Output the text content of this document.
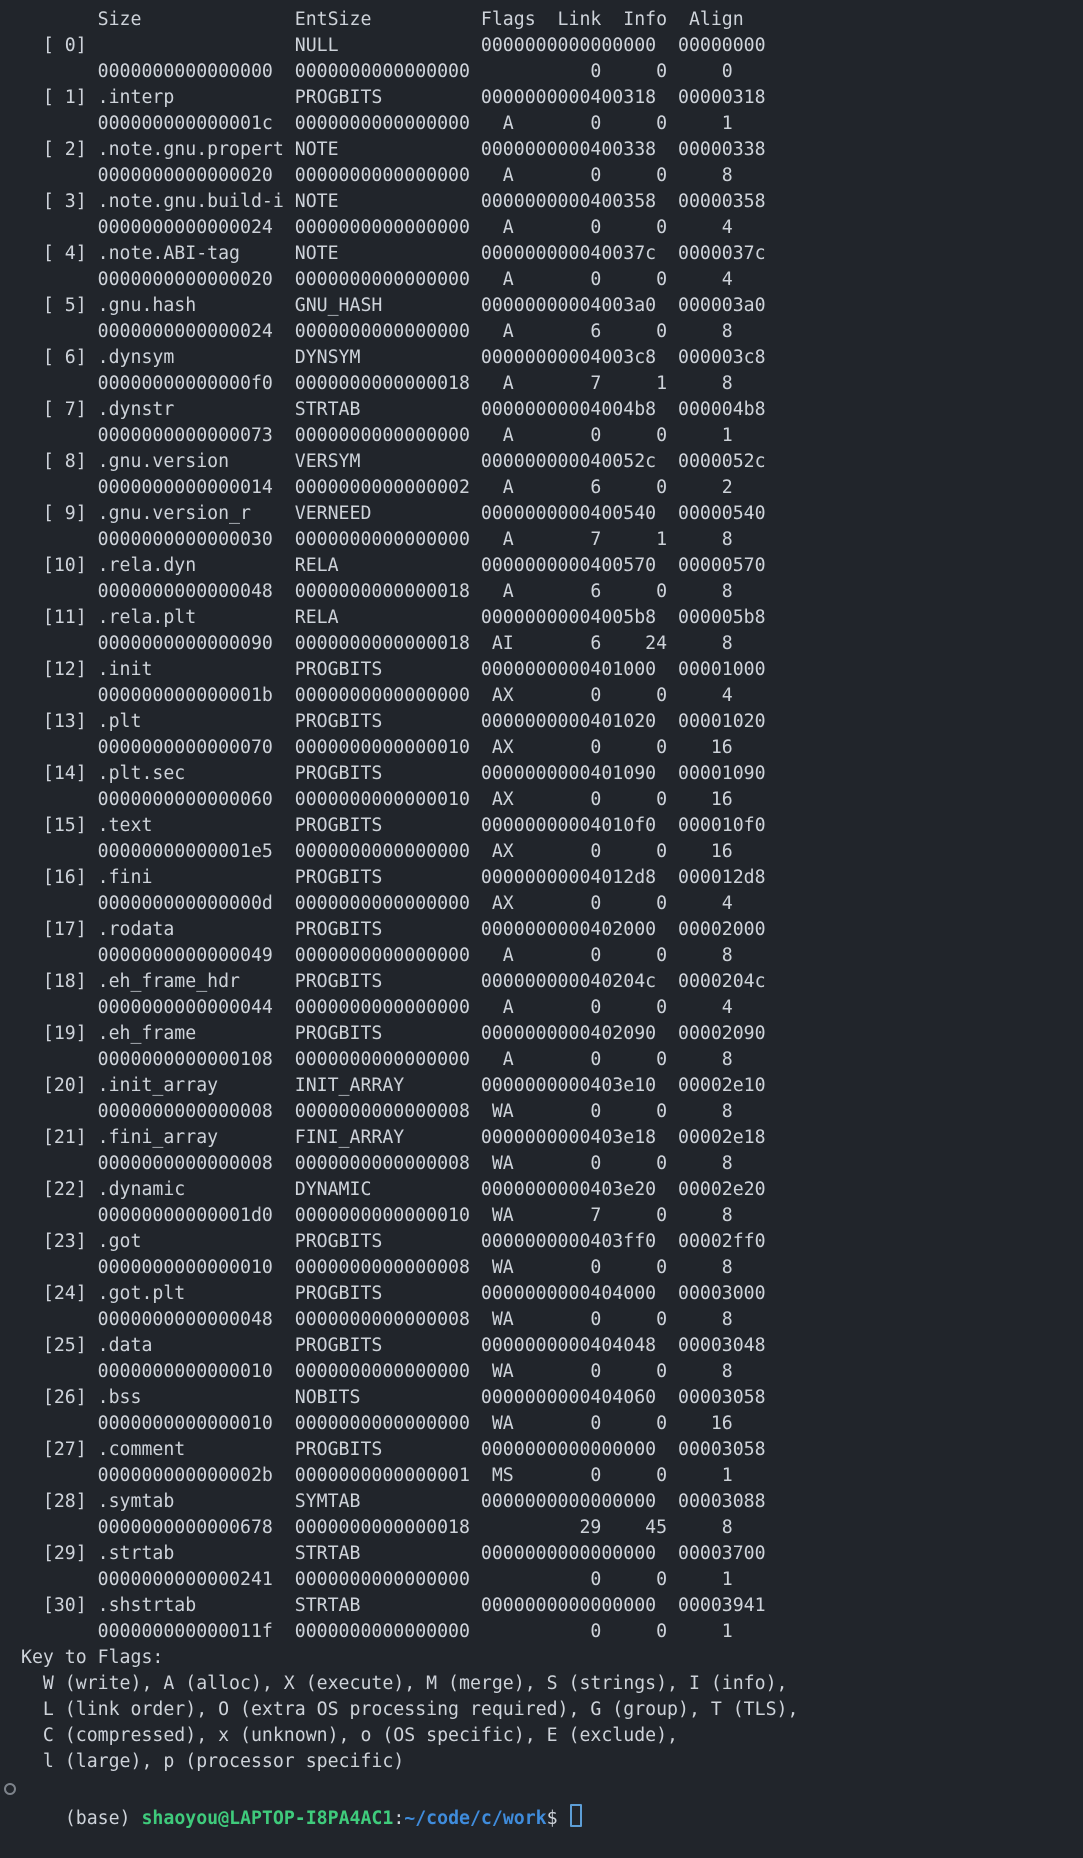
Size              EntSize          Flags  Link  Info  Align
[ 0]                   NULL             0000000000000000  00000000
0000000000000000  0000000000000000           0     0     0
[ 1] .interp           PROGBITS         0000000000400318  00000318
000000000000001c  0000000000000000   A       0     0     1
[ 2] .note.gnu.propert NOTE             0000000000400338  00000338
0000000000000020  0000000000000000   A       0     0     8
[ 3] .note.gnu.build-i NOTE             0000000000400358  00000358
0000000000000024  0000000000000000   A       0     0     4
[ 4] .note.ABI-tag     NOTE             000000000040037c  0000037c
0000000000000020  0000000000000000   A       0     0     4
[ 5] .gnu.hash         GNU_HASH         00000000004003a0  000003a0
0000000000000024  0000000000000000   A       6     0     8
[ 6] .dynsym           DYNSYM           00000000004003c8  000003c8
00000000000000f0  0000000000000018   A       7     1     8
[ 7] .dynstr           STRTAB           00000000004004b8  000004b8
0000000000000073  0000000000000000   A       0     0     1
[ 8] .gnu.version      VERSYM           000000000040052c  0000052c
0000000000000014  0000000000000002   A       6     0     2
[ 9] .gnu.version_r    VERNEED          0000000000400540  00000540
0000000000000030  0000000000000000   A       7     1     8
[10] .rela.dyn         RELA             0000000000400570  00000570
0000000000000048  0000000000000018   A       6     0     8
[11] .rela.plt         RELA             00000000004005b8  000005b8
0000000000000090  0000000000000018  AI       6    24     8
[12] .init             PROGBITS         0000000000401000  00001000
000000000000001b  0000000000000000  AX       0     0     4
[13] .plt              PROGBITS         0000000000401020  00001020
0000000000000070  0000000000000010  AX       0     0    16
[14] .plt.sec          PROGBITS         0000000000401090  00001090
0000000000000060  0000000000000010  AX       0     0    16
[15] .text             PROGBITS         00000000004010f0  000010f0
00000000000001e5  0000000000000000  AX       0     0    16
[16] .fini             PROGBITS         00000000004012d8  000012d8
000000000000000d  0000000000000000  AX       0     0     4
[17] .rodata           PROGBITS         0000000000402000  00002000
0000000000000049  0000000000000000   A       0     0     8
[18] .eh_frame_hdr     PROGBITS         000000000040204c  0000204c
0000000000000044  0000000000000000   A       0     0     4
[19] .eh_frame         PROGBITS         0000000000402090  00002090
0000000000000108  0000000000000000   A       0     0     8
[20] .init_array       INIT_ARRAY       0000000000403e10  00002e10
0000000000000008  0000000000000008  WA       0     0     8
[21] .fini_array       FINI_ARRAY       0000000000403e18  00002e18
0000000000000008  0000000000000008  WA       0     0     8
[22] .dynamic          DYNAMIC          0000000000403e20  00002e20
00000000000001d0  0000000000000010  WA       7     0     8
[23] .got              PROGBITS         0000000000403ff0  00002ff0
0000000000000010  0000000000000008  WA       0     0     8
[24] .got.plt          PROGBITS         0000000000404000  00003000
0000000000000048  0000000000000008  WA       0     0     8
[25] .data             PROGBITS         0000000000404048  00003048
0000000000000010  0000000000000000  WA       0     0     8
[26] .bss              NOBITS           0000000000404060  00003058
0000000000000010  0000000000000000  WA       0     0    16
[27] .comment          PROGBITS         0000000000000000  00003058
000000000000002b  0000000000000001  MS       0     0     1
[28] .symtab           SYMTAB           0000000000000000  00003088
0000000000000678  0000000000000018          29    45     8
[29] .strtab           STRTAB           0000000000000000  00003700
0000000000000241  0000000000000000           0     0     1
[30] .shstrtab         STRTAB           0000000000000000  00003941
000000000000011f  0000000000000000           0     0     1
Key to Flags:
W (write), A (alloc), X (execute), M (merge), S (strings), I (info),
L (link order), O (extra OS processing required), G (group), T (TLS),
C (compressed), x (unknown), o (OS specific), E (exclude),
l (large), p (processor specific)

(base) shaoyou@LAPTOP-I8PA4AC1:~/code/c/work$
